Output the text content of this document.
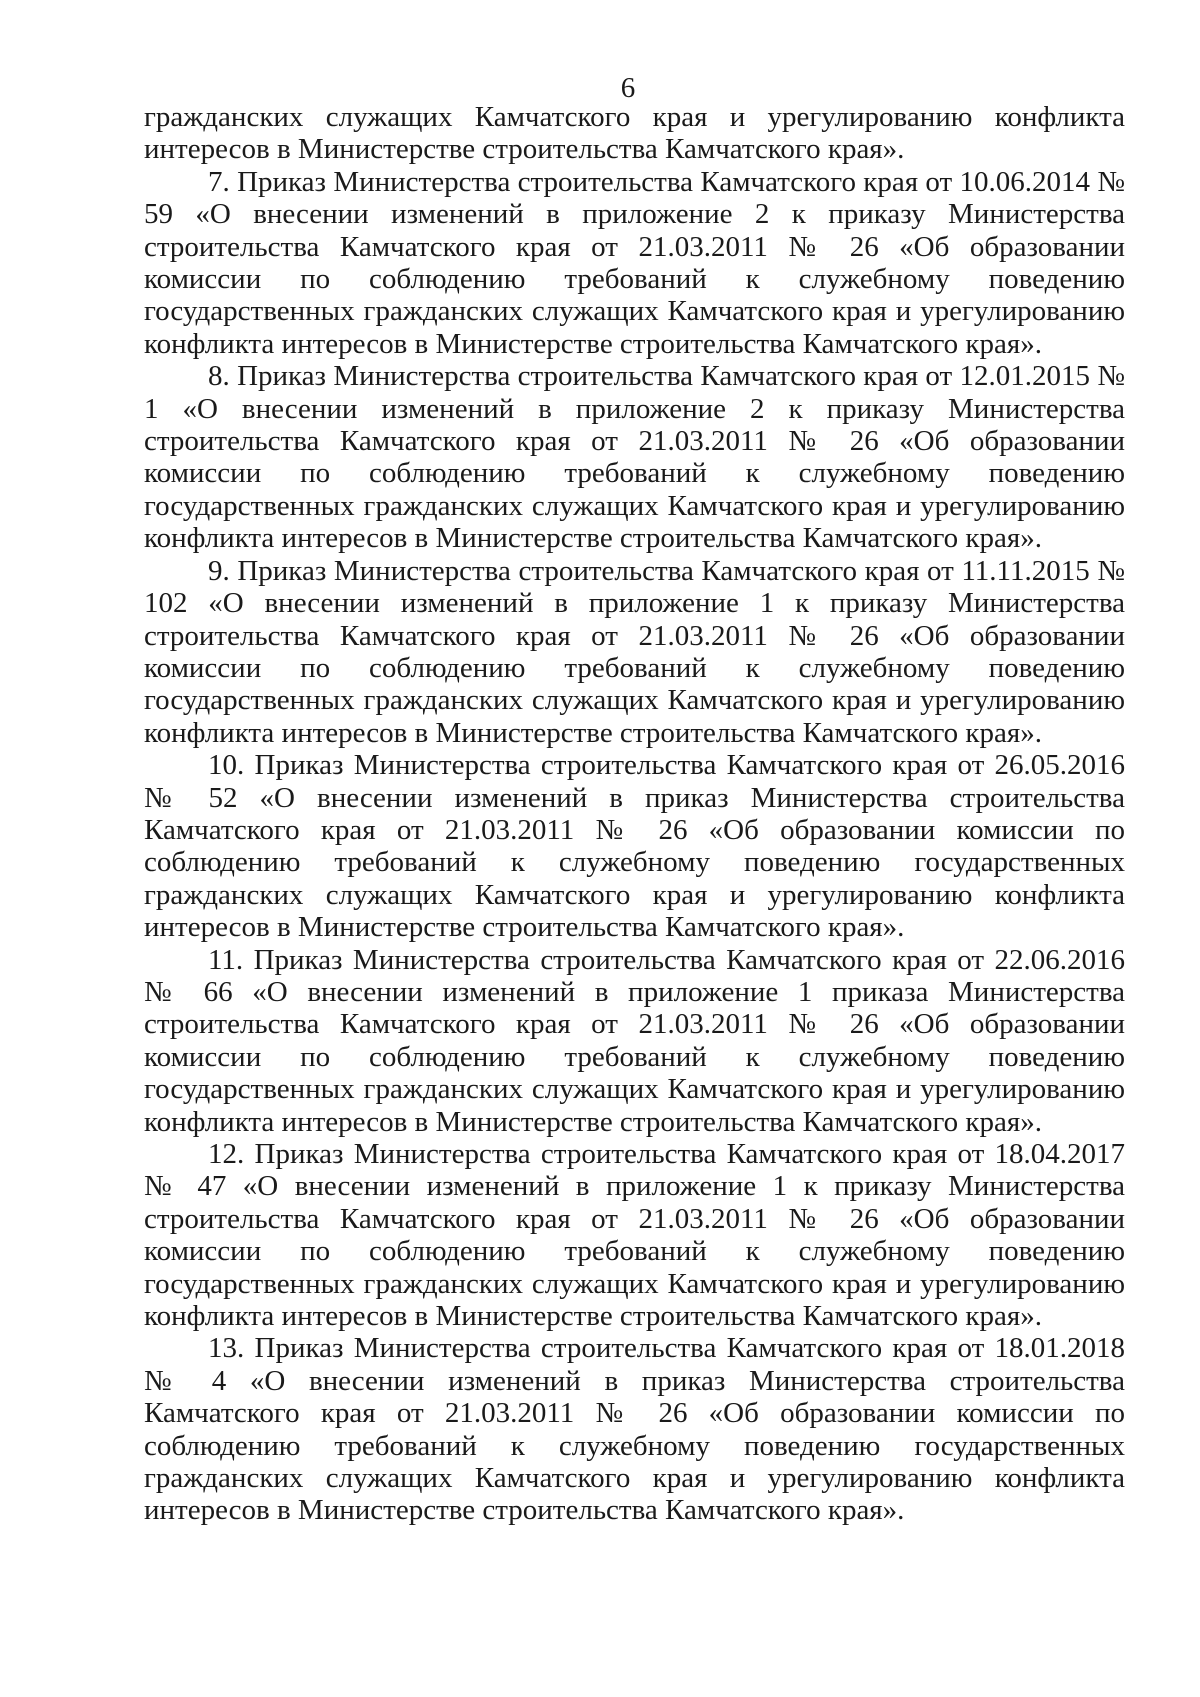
6

гражданских служащих Камчатского края и урегулированию конфликта интересов в Министерстве строительства Камчатского края».

7. Приказ Министерства строительства Камчатского края от 10.06.2014 № 59 «О внесении изменений в приложение 2 к приказу Министерства строительства Камчатского края от 21.03.2011 № 26 «Об образовании комиссии по соблюдению требований к служебному поведению государственных гражданских служащих Камчатского края и урегулированию конфликта интересов в Министерстве строительства Камчатского края».

8. Приказ Министерства строительства Камчатского края от 12.01.2015 № 1 «О внесении изменений в приложение 2 к приказу Министерства строительства Камчатского края от 21.03.2011 № 26 «Об образовании комиссии по соблюдению требований к служебному поведению государственных гражданских служащих Камчатского края и урегулированию конфликта интересов в Министерстве строительства Камчатского края».

9. Приказ Министерства строительства Камчатского края от 11.11.2015 № 102 «О внесении изменений в приложение 1 к приказу Министерства строительства Камчатского края от 21.03.2011 № 26 «Об образовании комиссии по соблюдению требований к служебному поведению государственных гражданских служащих Камчатского края и урегулированию конфликта интересов в Министерстве строительства Камчатского края».

10. Приказ Министерства строительства Камчатского края от 26.05.2016 № 52 «О внесении изменений в приказ Министерства строительства Камчатского края от 21.03.2011 № 26 «Об образовании комиссии по соблюдению требований к служебному поведению государственных гражданских служащих Камчатского края и урегулированию конфликта интересов в Министерстве строительства Камчатского края».

11. Приказ Министерства строительства Камчатского края от 22.06.2016 № 66 «О внесении изменений в приложение 1 приказа Министерства строительства Камчатского края от 21.03.2011 № 26 «Об образовании комиссии по соблюдению требований к служебному поведению государственных гражданских служащих Камчатского края и урегулированию конфликта интересов в Министерстве строительства Камчатского края».

12. Приказ Министерства строительства Камчатского края от 18.04.2017 № 47 «О внесении изменений в приложение 1 к приказу Министерства строительства Камчатского края от 21.03.2011 № 26 «Об образовании комиссии по соблюдению требований к служебному поведению государственных гражданских служащих Камчатского края и урегулированию конфликта интересов в Министерстве строительства Камчатского края».

13. Приказ Министерства строительства Камчатского края от 18.01.2018 № 4 «О внесении изменений в приказ Министерства строительства Камчатского края от 21.03.2011 № 26 «Об образовании комиссии по соблюдению требований к служебному поведению государственных гражданских служащих Камчатского края и урегулированию конфликта интересов в Министерстве строительства Камчатского края».
